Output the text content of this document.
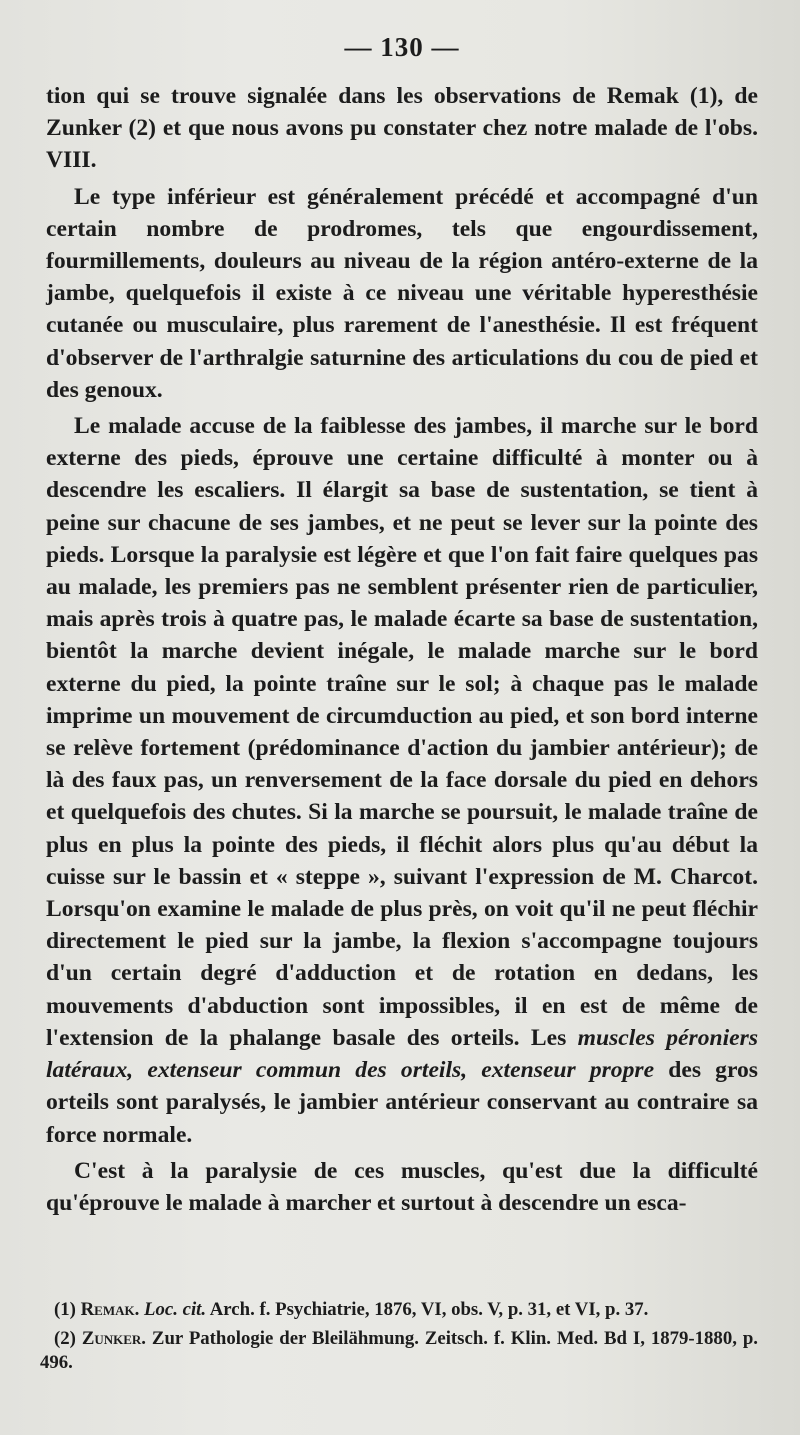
— 130 —

tion qui se trouve signalée dans les observations de Remak (1), de Zunker (2) et que nous avons pu constater chez notre malade de l'obs. VIII.

Le type inférieur est généralement précédé et accompagné d'un certain nombre de prodromes, tels que engourdissement, fourmillements, douleurs au niveau de la région antéro-externe de la jambe, quelquefois il existe à ce niveau une véritable hyperesthésie cutanée ou musculaire, plus rarement de l'anesthésie. Il est fréquent d'observer de l'arthralgie saturnine des articulations du cou de pied et des genoux.

Le malade accuse de la faiblesse des jambes, il marche sur le bord externe des pieds, éprouve une certaine difficulté à monter ou à descendre les escaliers. Il élargit sa base de sustentation, se tient à peine sur chacune de ses jambes, et ne peut se lever sur la pointe des pieds. Lorsque la paralysie est légère et que l'on fait faire quelques pas au malade, les premiers pas ne semblent présenter rien de particulier, mais après trois à quatre pas, le malade écarte sa base de sustentation, bientôt la marche devient inégale, le malade marche sur le bord externe du pied, la pointe traîne sur le sol; à chaque pas le malade imprime un mouvement de circumduction au pied, et son bord interne se relève fortement (prédominance d'action du jambier antérieur); de là des faux pas, un renversement de la face dorsale du pied en dehors et quelquefois des chutes. Si la marche se poursuit, le malade traîne de plus en plus la pointe des pieds, il fléchit alors plus qu'au début la cuisse sur le bassin et « steppe », suivant l'expression de M. Charcot. Lorsqu'on examine le malade de plus près, on voit qu'il ne peut fléchir directement le pied sur la jambe, la flexion s'accompagne toujours d'un certain degré d'adduction et de rotation en dedans, les mouvements d'abduction sont impossibles, il en est de même de l'extension de la phalange basale des orteils. Les muscles péroniers latéraux, extenseur commun des orteils, extenseur propre des gros orteils sont paralysés, le jambier antérieur conservant au contraire sa force normale.

C'est à la paralysie de ces muscles, qu'est due la difficulté qu'éprouve le malade à marcher et surtout à descendre un esca-

(1) Remak. Loc. cit. Arch. f. Psychiatrie, 1876, VI, obs. V, p. 31, et VI, p. 37.

(2) Zunker. Zur Pathologie der Bleilähmung. Zeitsch. f. Klin. Med. Bd I, 1879-1880, p. 496.
